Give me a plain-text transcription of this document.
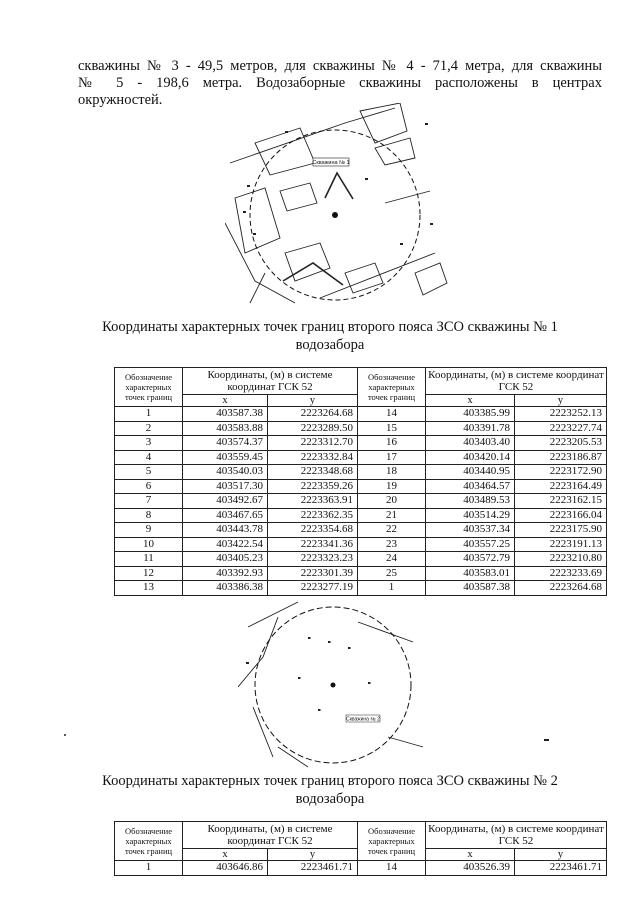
скважины № 3 - 49,5 метров, для скважины № 4 - 71,4 метра, для скважины
№ 5 - 198,6 метра. Водозаборные скважины расположены в центрах
окружностей.
Скважина № 1
Координаты характерных точек границ второго пояса ЗСО скважины № 1
водозабора
Обозначение характерных точек границ	Координаты, (м) в системе координат ГСК 52		Обозначение характерных точек границ	Координаты, (м) в системе координат ГСК 52	
	x	y		x	y
1	403587.38	2223264.68	14	403385.99	2223252.13
2	403583.88	2223289.50	15	403391.78	2223227.74
3	403574.37	2223312.70	16	403403.40	2223205.53
4	403559.45	2223332.84	17	403420.14	2223186.87
5	403540.03	2223348.68	18	403440.95	2223172.90
6	403517.30	2223359.26	19	403464.57	2223164.49
7	403492.67	2223363.91	20	403489.53	2223162.15
8	403467.65	2223362.35	21	403514.29	2223166.04
9	403443.78	2223354.68	22	403537.34	2223175.90
10	403422.54	2223341.36	23	403557.25	2223191.13
11	403405.23	2223323.23	24	403572.79	2223210.80
12	403392.93	2223301.39	25	403583.01	2223233.69
13	403386.38	2223277.19	1	403587.38	2223264.68
Скважина № 2
Координаты характерных точек границ второго пояса ЗСО скважины № 2
водозабора
Обозначение характерных точек границ	Координаты, (м) в системе координат ГСК 52		Обозначение характерных точек границ	Координаты, (м) в системе координат ГСК 52	
	x	y		x	y
1	403646.86	2223461.71	14	403526.39	2223461.71
